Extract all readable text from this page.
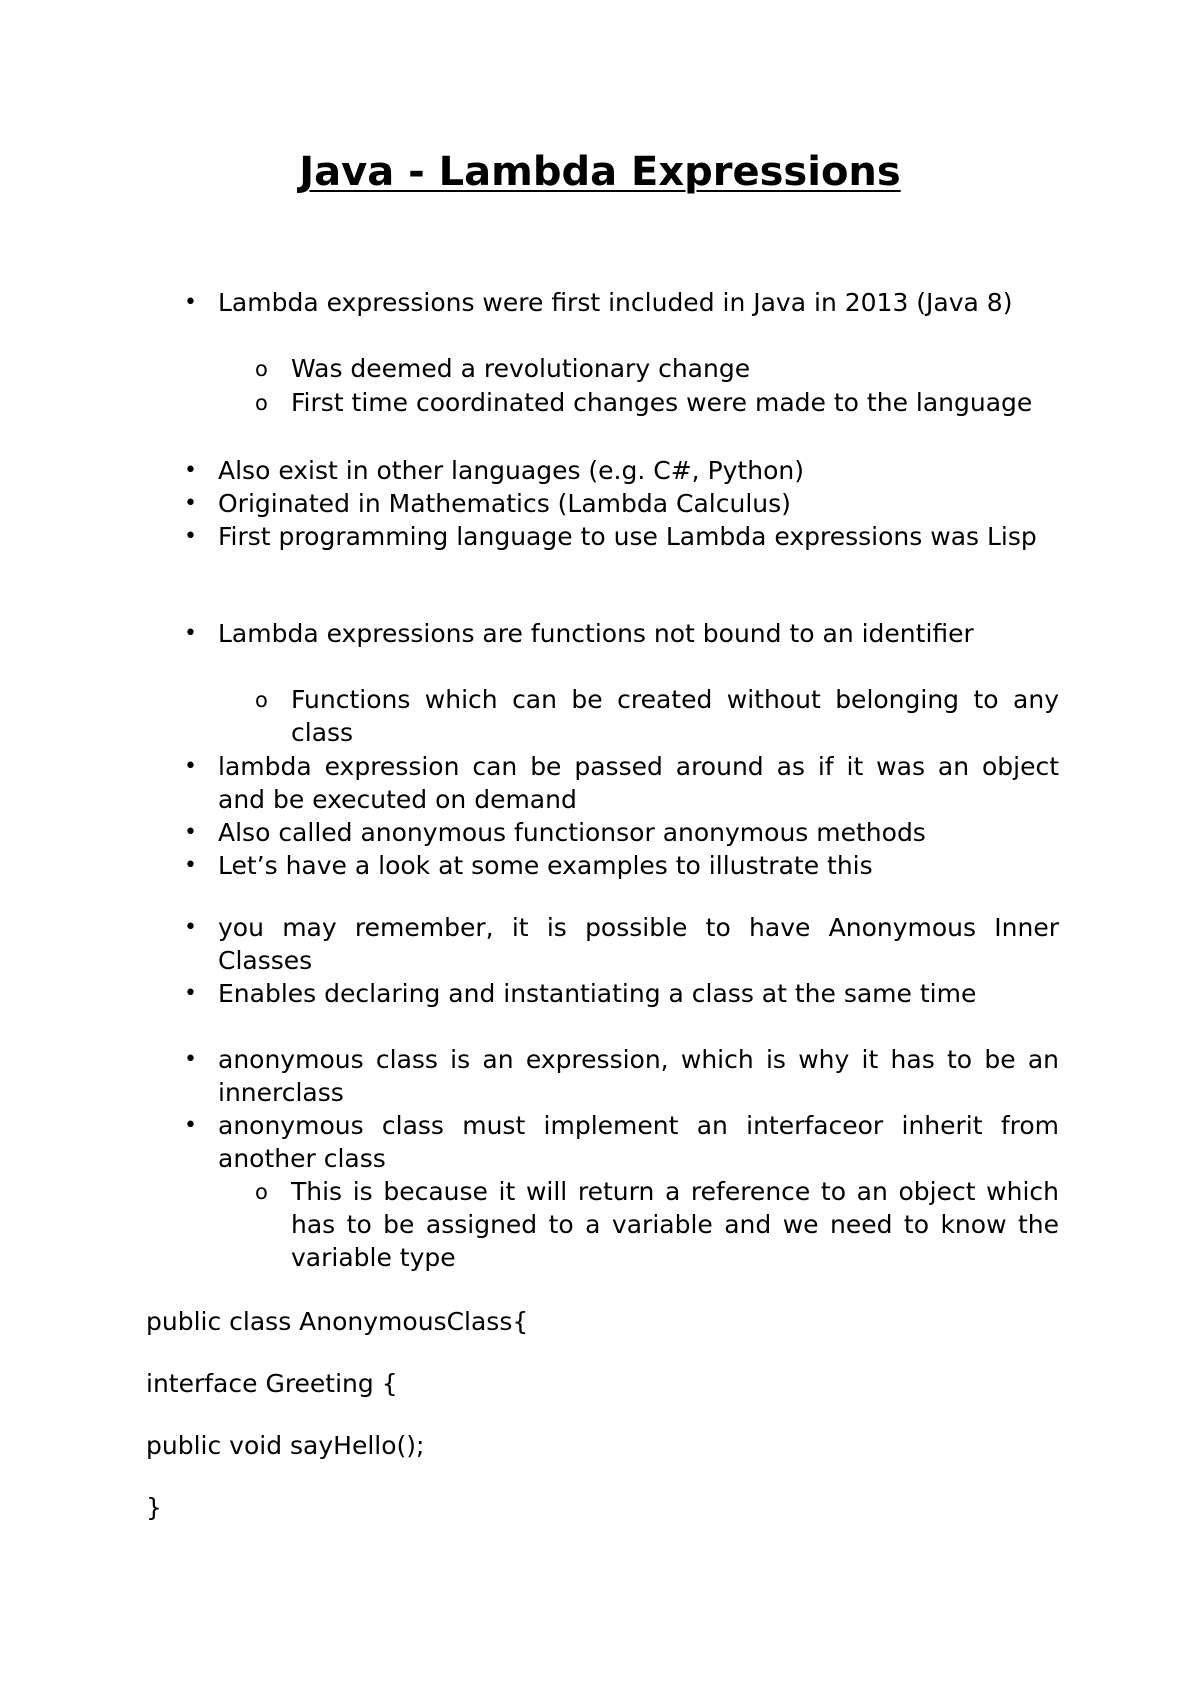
Java - Lambda Expressions

• Lambda expressions were first included in Java in 2013 (Java 8)

o Was deemed a revolutionary change

o First time coordinated changes were made to the language

• Also exist in other languages (e.g. C#, Python)

• Originated in Mathematics (Lambda Calculus)

• First programming language to use Lambda expressions was Lisp

• Lambda expressions are functions not bound to an identifier

o Functions which can be created without belonging to any class

• lambda expression can be passed around as if it was an object and be executed on demand

• Also called anonymous functionsor anonymous methods

• Let’s have a look at some examples to illustrate this

• you may remember, it is possible to have Anonymous Inner Classes

• Enables declaring and instantiating a class at the same time

• anonymous class is an expression, which is why it has to be an innerclass

• anonymous class must implement an interfaceor inherit from another class

o This is because it will return a reference to an object which has to be assigned to a variable and we need to know the variable type

public class AnonymousClass{

interface Greeting {

public void sayHello();

}
